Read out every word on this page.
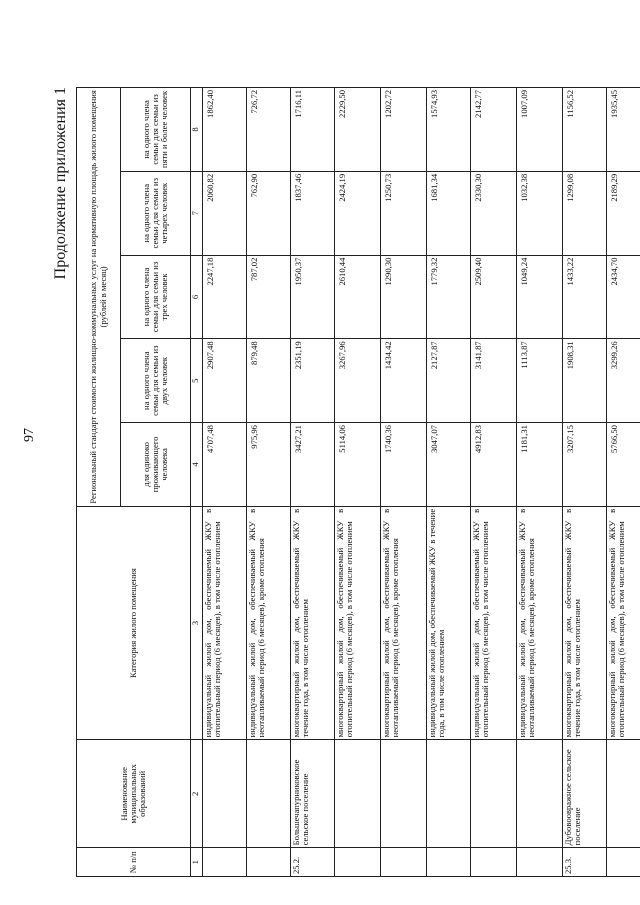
97
Продолжение приложения 1
№ п/п	Наименование муниципальных образований	Категория жилого помещения	Региональный стандарт стоимости жилищно-коммунальных услуг на нормативную площадь жилого помещения (рублей в месяц)				
			для одиноко проживающего человека	на одного члена семьи для семьи из двух человек	на одного члена семьи для семьи из трех человек	на одного члена семьи для семьи из четырех человек	на одного члена семьи для семьи из пяти и более человек
1	2	3	4	5	6	7	8
		индивидуальный жилой дом, обеспечиваемый ЖКУ в отопительный период (6 месяцев), в том числе отоплением	4707,48	2907,48	2247,18	2060,82	1862,40
		индивидуальный жилой дом, обеспечиваемый ЖКУ в неотапливаемый период (6 месяцев), кроме отопления	975,96	879,48	787,02	762,90	726,72
25.2.	Большечапурниковское сельское поселение	многоквартирный жилой дом, обеспечиваемый ЖКУ в течение года, в том числе отоплением	3427,21	2351,19	1950,37	1837,46	1716,11
		многоквартирный жилой дом, обеспечиваемый ЖКУ в отопительный период (6 месяцев), в том числе отоплением	5114,06	3267,96	2610,44	2424,19	2229,50
		многоквартирный жилой дом, обеспечиваемый ЖКУ в неотапливаемый период (6 месяцев), кроме отопления	1740,36	1434,42	1290,30	1250,73	1202,72
		индивидуальный жилой дом, обеспечиваемый ЖКУ в течение года, в том числе отоплением	3047,07	2127,87	1779,32	1681,34	1574,93
		индивидуальный жилой дом, обеспечиваемый ЖКУ в отопительный период (6 месяцев), в том числе отоплением	4912,83	3141,87	2509,40	2330,30	2142,77
		индивидуальный жилой дом, обеспечиваемый ЖКУ в неотапливаемый период (6 месяцев), кроме отопления	1181,31	1113,87	1049,24	1032,38	1007,09
25.3.	Дубовоовражное сельское поселение	многоквартирный жилой дом, обеспечиваемый ЖКУ в течение года, в том числе отоплением	3207,15	1908,31	1433,22	1299,08	1156,52
		многоквартирный жилой дом, обеспечиваемый ЖКУ в отопительный период (6 месяцев), в том числе отоплением	5766,50	3299,26	2434,70	2189,29	1935,45
